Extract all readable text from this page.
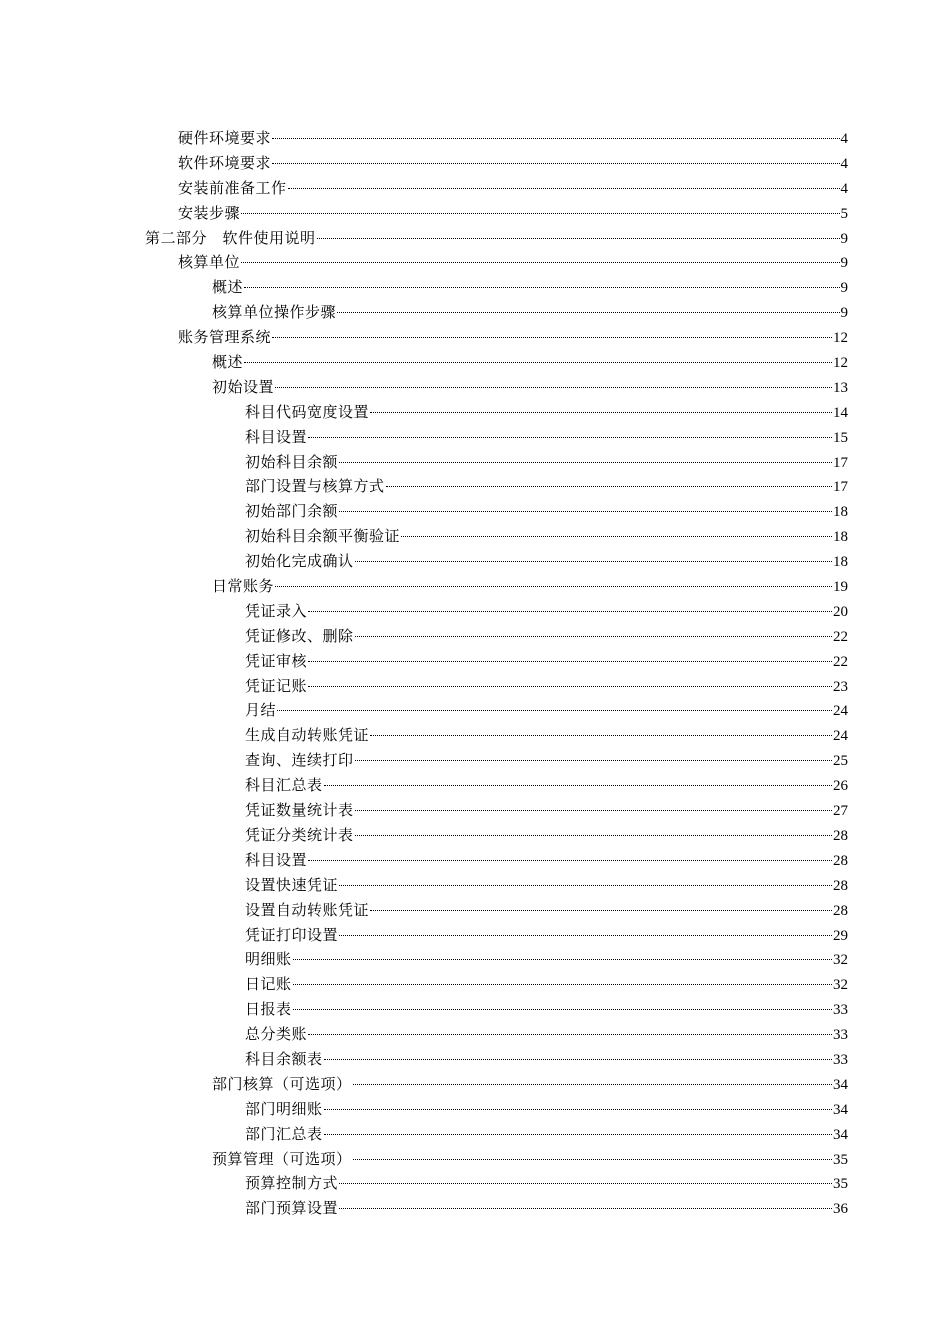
硬件环境要求	4
软件环境要求	4
安装前准备工作	4
安装步骤	5
第二部分　软件使用说明	9
核算单位	9
概述	9
核算单位操作步骤	9
账务管理系统	12
概述	12
初始设置	13
科目代码宽度设置	14
科目设置	15
初始科目余额	17
部门设置与核算方式	17
初始部门余额	18
初始科目余额平衡验证	18
初始化完成确认	18
日常账务	19
凭证录入	20
凭证修改、删除	22
凭证审核	22
凭证记账	23
月结	24
生成自动转账凭证	24
查询、连续打印	25
科目汇总表	26
凭证数量统计表	27
凭证分类统计表	28
科目设置	28
设置快速凭证	28
设置自动转账凭证	28
凭证打印设置	29
明细账	32
日记账	32
日报表	33
总分类账	33
科目余额表	33
部门核算（可选项）	34
部门明细账	34
部门汇总表	34
预算管理（可选项）	35
预算控制方式	35
部门预算设置	36
